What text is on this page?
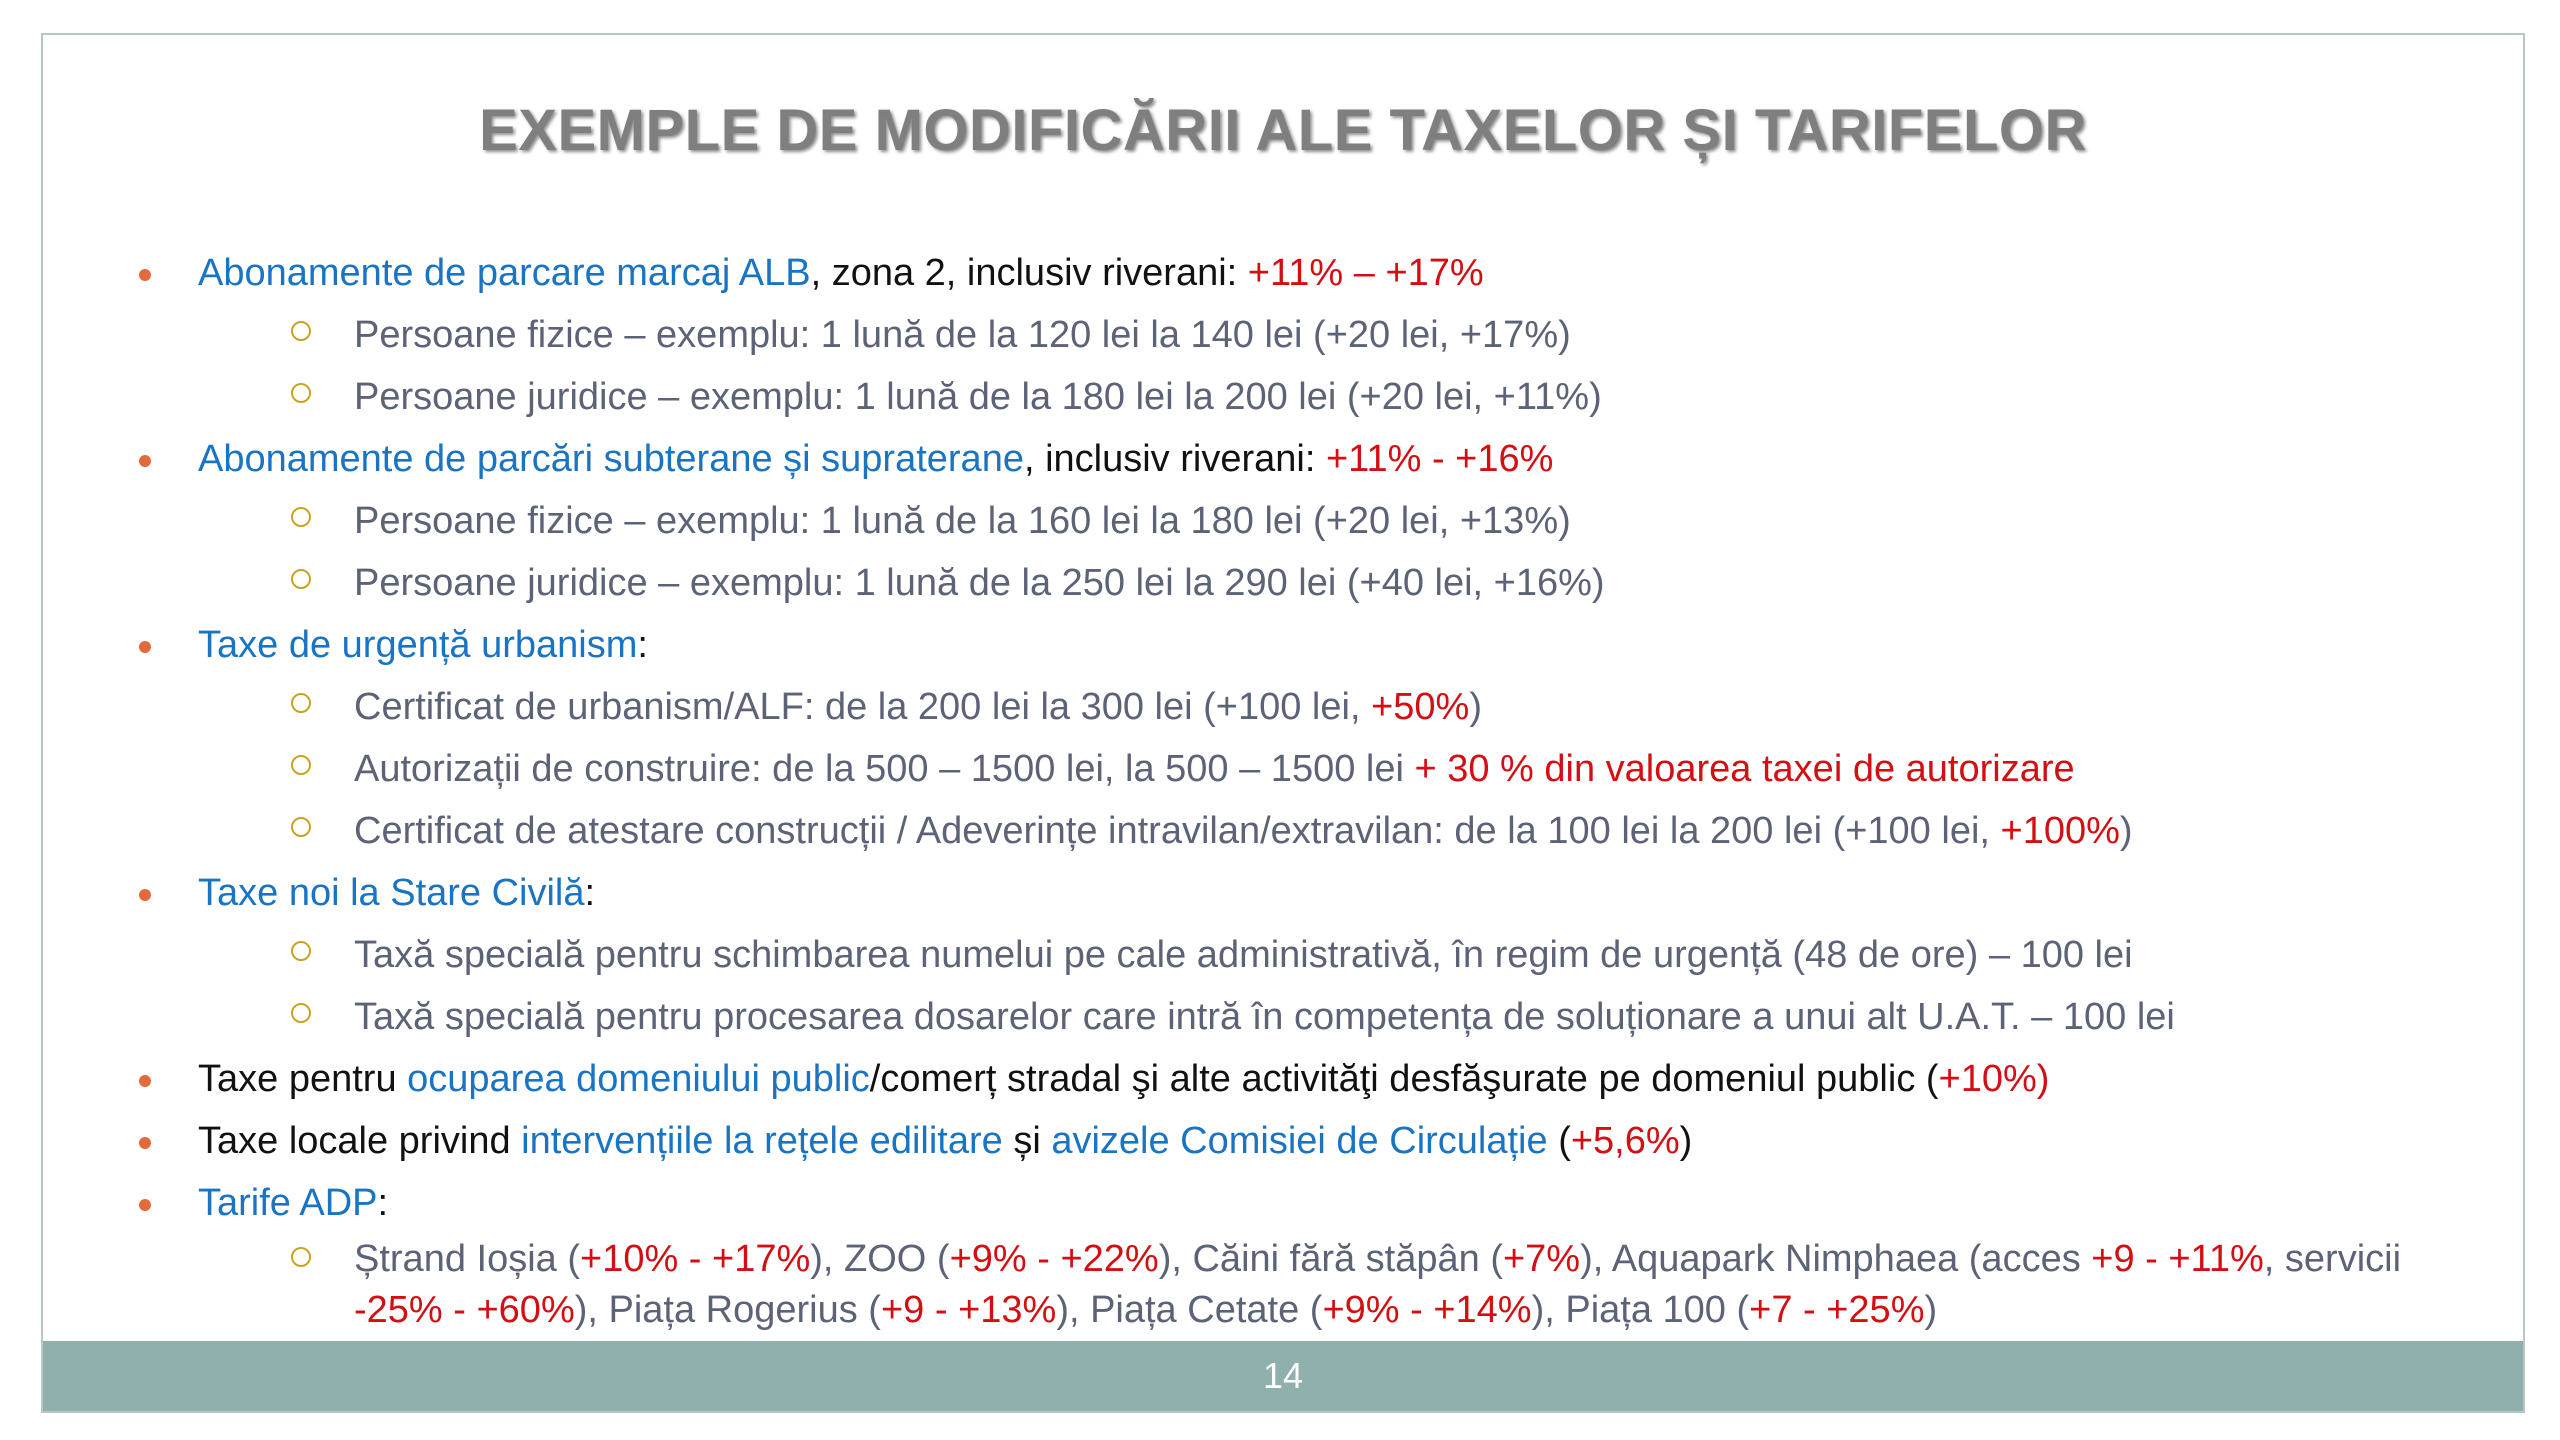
EXEMPLE DE MODIFICĂRII ALE TAXELOR ȘI TARIFELOR
Abonamente de parcare marcaj ALB, zona 2, inclusiv riverani: +11% – +17%
Persoane fizice – exemplu: 1 lună de la 120 lei la 140 lei (+20 lei, +17%)
Persoane juridice – exemplu: 1 lună de la 180 lei la 200 lei (+20 lei, +11%)
Abonamente de parcări subterane și supraterane, inclusiv riverani: +11% - +16%
Persoane fizice – exemplu: 1 lună de la 160 lei la 180 lei (+20 lei, +13%)
Persoane juridice – exemplu: 1 lună de la 250 lei la 290 lei (+40 lei, +16%)
Taxe de urgență urbanism:
Certificat de urbanism/ALF: de la 200 lei la 300 lei (+100 lei, +50%)
Autorizații de construire: de la 500 – 1500 lei, la 500 – 1500 lei + 30 % din valoarea taxei de autorizare
Certificat de atestare construcții / Adeverințe intravilan/extravilan: de la 100 lei la 200 lei (+100 lei, +100%)
Taxe noi la Stare Civilă:
Taxă specială pentru schimbarea numelui pe cale administrativă, în regim de urgență (48 de ore) – 100 lei
Taxă specială pentru procesarea dosarelor care intră în competența de soluționare a unui alt U.A.T. – 100 lei
Taxe pentru ocuparea domeniului public/comerț stradal şi alte activităţi desfăşurate pe domeniul public (+10%)
Taxe locale privind intervențiile la rețele edilitare și avizele Comisiei de Circulație (+5,6%)
Tarife ADP:
Ștrand Ioșia (+10% - +17%), ZOO (+9% - +22%), Căini fără stăpân (+7%), Aquapark Nimphaea (acces +9 - +11%, servicii -25% - +60%), Piața Rogerius (+9 - +13%), Piața Cetate (+9% - +14%), Piața 100 (+7 - +25%)
14
